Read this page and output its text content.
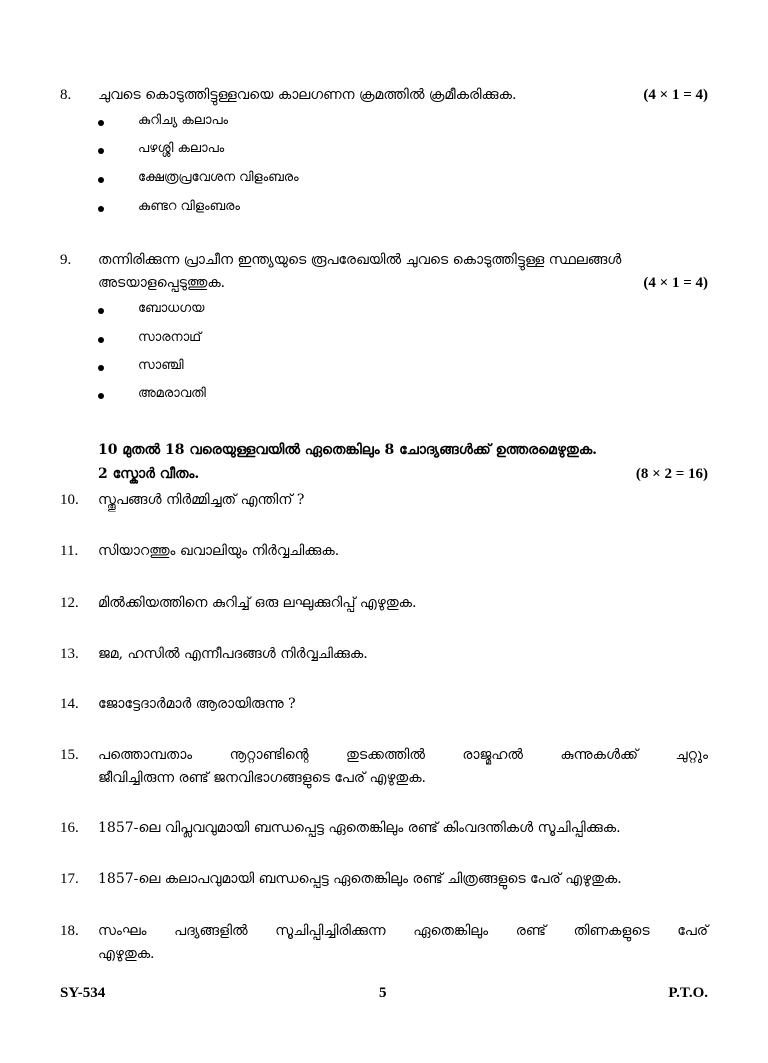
8.	ചുവടെ കൊടുത്തിട്ടുള്ളവയെ കാലഗണന ക്രമത്തിൽ ക്രമീകരിക്കുക.	(4 × 1 = 4)
കുറിച്യ കലാപം
പഴശ്ശി കലാപം
ക്ഷേത്രപ്രവേശന വിളംബരം
കുണ്ടറ വിളംബരം
9.	തന്നിരിക്കുന്ന പ്രാചീന ഇന്ത്യയുടെ രൂപരേഖയിൽ ചുവടെ കൊടുത്തിട്ടുള്ള സ്ഥലങ്ങൾ
അടയാളപ്പെടുത്തുക.	(4 × 1 = 4)
ബോധഗയ
സാരനാഥ്
സാഞ്ചി
അമരാവതി
10 മുതൽ 18 വരെയുള്ളവയിൽ ഏതെങ്കിലും 8 ചോദ്യങ്ങൾക്ക് ഉത്തരമെഴുതുക.
2 സ്കോർ വീതം.	(8 × 2 = 16)
10.	സ്തൂപങ്ങൾ നിർമ്മിച്ചത് എന്തിന് ?
11.	സിയാറത്തും ഖവാലിയും നിർവ്വചിക്കുക.
12.	മിൽക്കിയത്തിനെ കുറിച്ച് ഒരു ലഘുക്കുറിപ്പ് എഴുതുക.
13.	ജമ, ഹസിൽ എന്നീപദങ്ങൾ നിർവ്വചിക്കുക.
14.	ജോട്ടേദാർമാർ ആരായിരുന്നു ?
15.	പത്തൊമ്പതാം നൂറ്റാണ്ടിന്റെ തുടക്കത്തിൽ രാജ്മഹൽ കുന്നുകൾക്ക് ചുറ്റും
ജീവിച്ചിരുന്ന രണ്ട് ജനവിഭാഗങ്ങളുടെ പേര് എഴുതുക.
16.	1857-ലെ വിപ്ലവവുമായി ബന്ധപ്പെട്ട ഏതെങ്കിലും രണ്ട് കിംവദന്തികൾ സൂചിപ്പിക്കുക.
17.	1857-ലെ കലാപവുമായി ബന്ധപ്പെട്ട ഏതെങ്കിലും രണ്ട് ചിത്രങ്ങളുടെ പേര് എഴുതുക.
18.	സംഘം പദ്യങ്ങളിൽ സൂചിപ്പിച്ചിരിക്കുന്ന ഏതെങ്കിലും രണ്ട് തിണകളുടെ പേര്
എഴുതുക.
SY-534	5	P.T.O.
